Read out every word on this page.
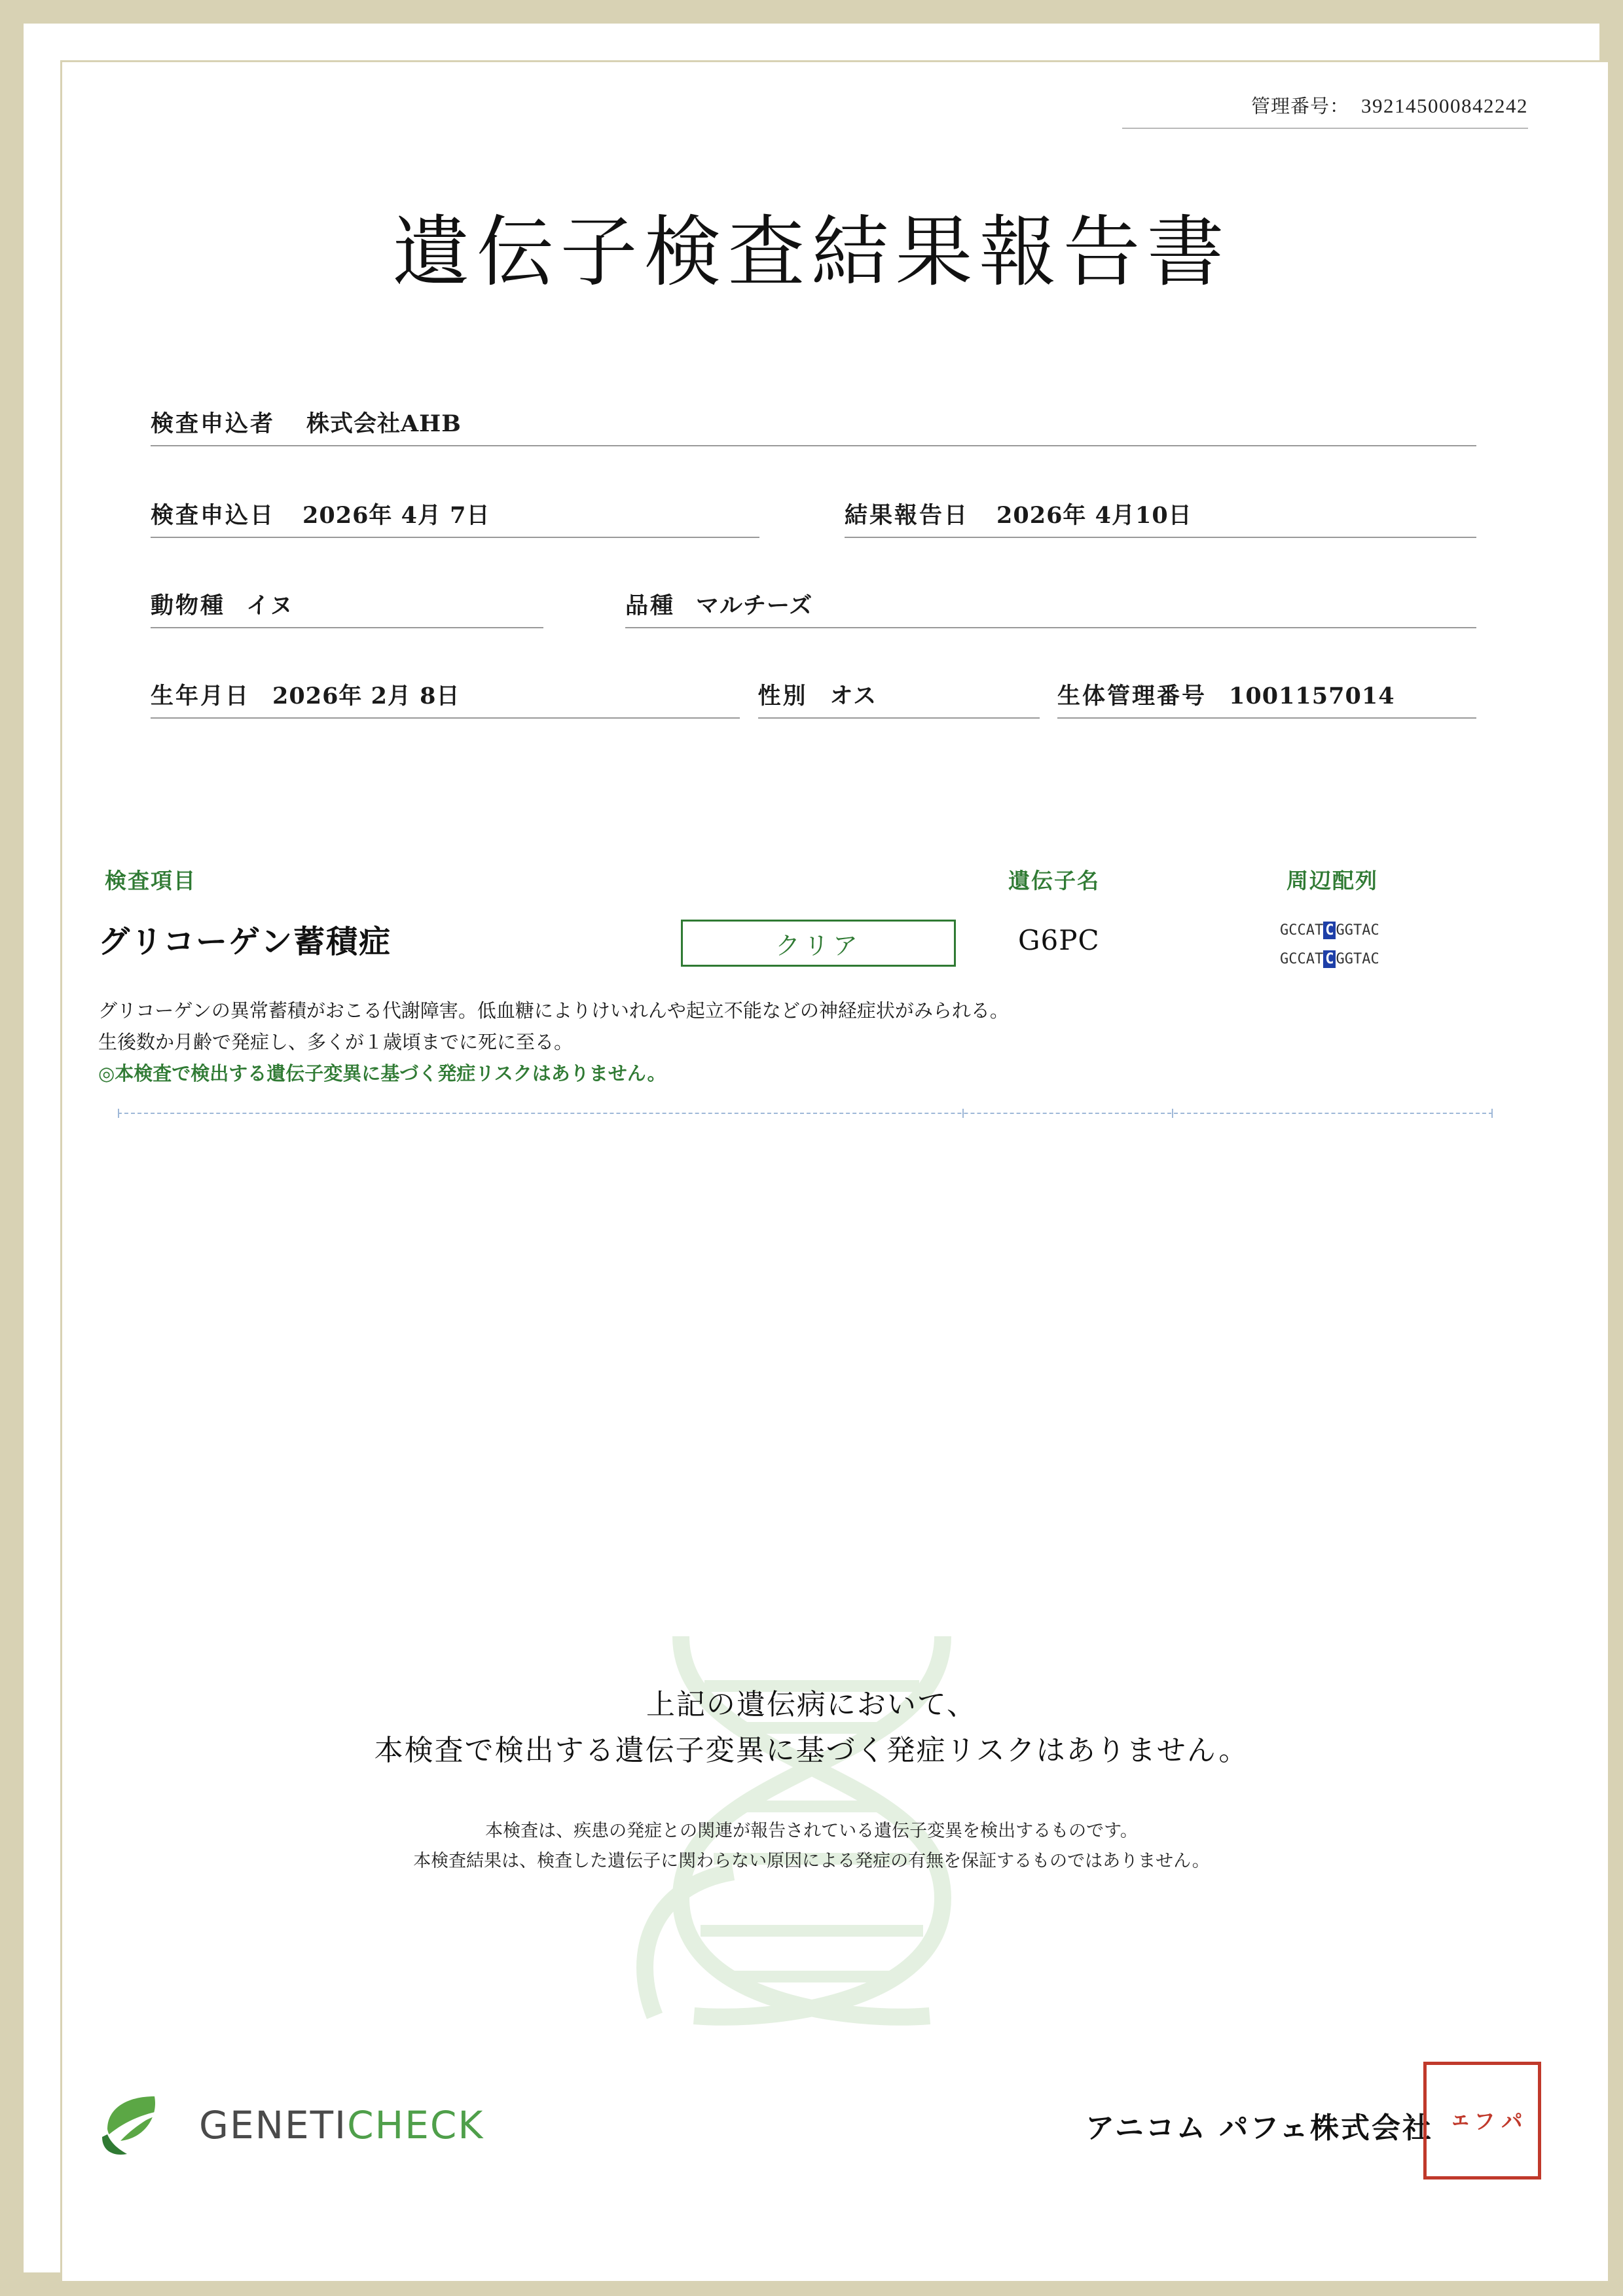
管理番号： 392145000842242
遺伝子検査結果報告書
検査申込者 株式会社AHB
検査申込日 2026年 4月 7日	結果報告日 2026年 4月10日
動物種 イヌ	品種 マルチーズ
生年月日 2026年 2月 8日	性別 オス	生体管理番号 1001157014
検査項目	遺伝子名	周辺配列
グリコーゲン蓄積症	クリア	G6PC	GCCAT C GGTAC
GCCAT C GGTAC
グリコーゲンの異常蓄積がおこる代謝障害。低血糖によりけいれんや起立不能などの神経症状がみられる。
生後数か月齢で発症し、多くが１歳頃までに死に至る。
◎本検査で検出する遺伝子変異に基づく発症リスクはありません。
上記の遺伝病において、
本検査で検出する遺伝子変異に基づく発症リスクはありません。
本検査は、疾患の発症との関連が報告されている遺伝子変異を検出するものです。
本検査結果は、検査した遺伝子に関わらない原因による発症の有無を保証するものではありません。
GENETI CHECK	アニコム パフェ株式会社	パ
フ
ェ
